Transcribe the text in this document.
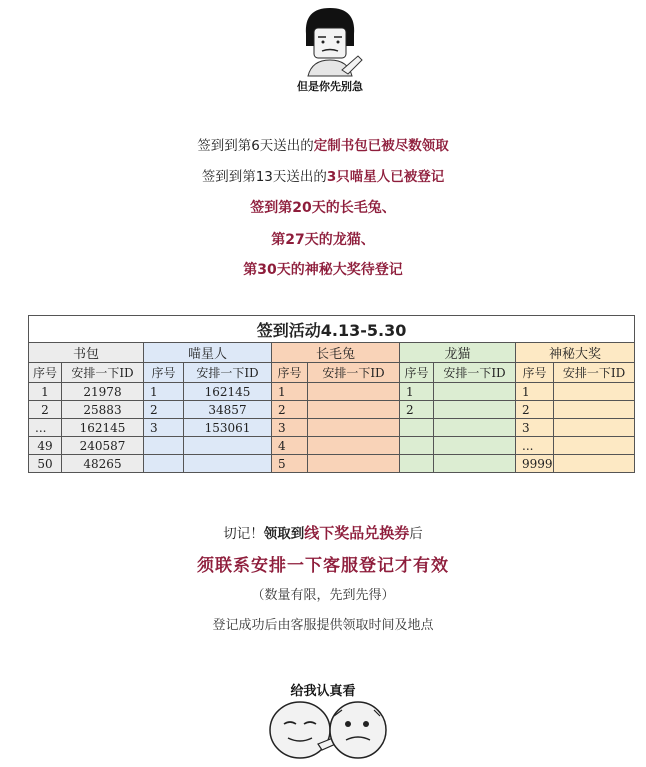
但是你先别急
签到到第6天送出的定制书包已被尽数领取
签到到第13天送出的3只喵星人已被登记
签到第20天的长毛兔、
第27天的龙猫、
第30天的神秘大奖待登记
签到活动4.13-5.30									
书包		喵星人		长毛兔		龙猫		神秘大奖	
序号	安排一下ID	序号	安排一下ID	序号	安排一下ID	序号	安排一下ID	序号	安排一下ID
1	21978	1	162145	1		1		1	
2	25883	2	34857	2		2		2	
...	162145	3	153061	3				3	
49	240587			4				...	
50	48265			5				9999	
切记！领取到线下奖品兑换券后
须联系安排一下客服登记才有效
（数量有限，先到先得）
登记成功后由客服提供领取时间及地点
给我认真看
